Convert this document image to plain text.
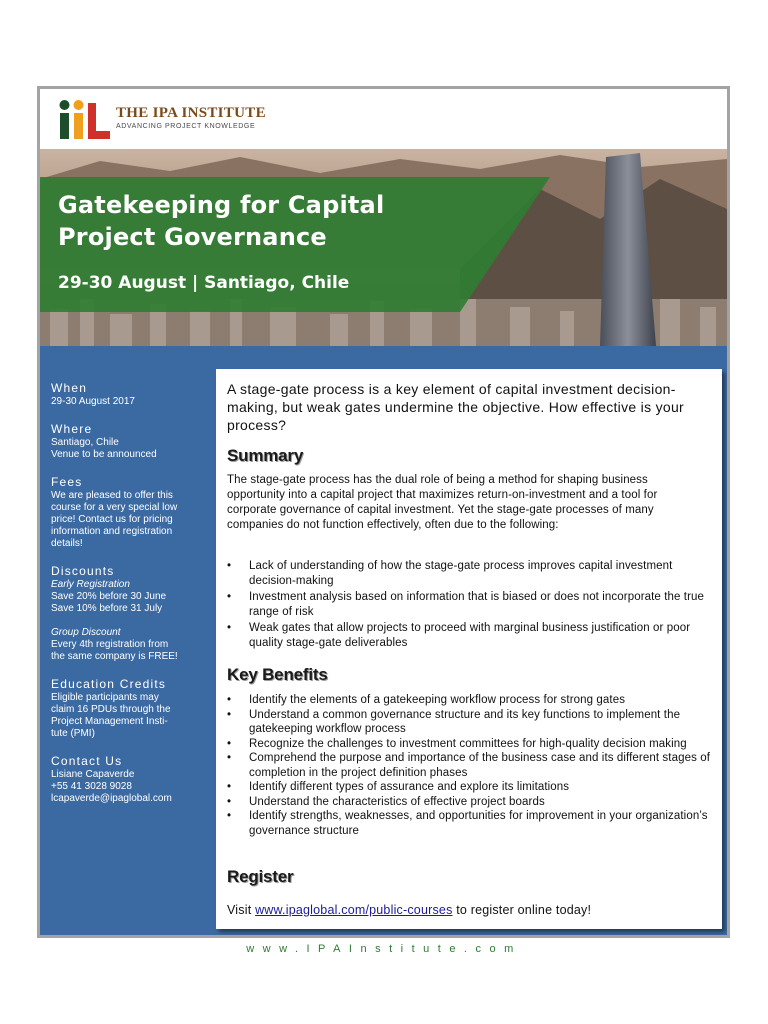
THE IPA INSTITUTE
ADVANCING PROJECT KNOWLEDGE
Gatekeeping for Capital
Project Governance
29-30 August | Santiago, Chile
When
29-30 August 2017
Where
Santiago, Chile
Venue to be announced
Fees
We are pleased to offer this
course for a very special low
price! Contact us for pricing
information and registration
details!
Discounts
Early Registration
Save 20% before 30 June
Save 10% before 31 July
Group Discount
Every 4th registration from
the same company is FREE!
Education Credits
Eligible participants may
claim 16 PDUs through the
Project Management Insti-
tute (PMI)
Contact Us
Lisiane Capaverde
+55 41 3028 9028
lcapaverde@ipaglobal.com
A stage-gate process is a key element of capital investment decision-making, but weak gates undermine the objective. How effective is your process?
Summary
The stage-gate process has the dual role of being a method for shaping business opportunity into a capital project that maximizes return-on-investment and a tool for corporate governance of capital investment. Yet the stage-gate processes of many companies do not function effectively, often due to the following:
• Lack of understanding of how the stage-gate process improves capital investment decision-making
• Investment analysis based on information that is biased or does not incorporate the true range of risk
• Weak gates that allow projects to proceed with marginal business justification or poor quality stage-gate deliverables
Key Benefits
• Identify the elements of a gatekeeping workflow process for strong gates
• Understand a common governance structure and its key functions to implement the gatekeeping workflow process
• Recognize the challenges to investment committees for high-quality decision making
• Comprehend the purpose and importance of the business case and its different stages of completion in the project definition phases
• Identify different types of assurance and explore its limitations
• Understand the characteristics of effective project boards
• Identify strengths, weaknesses, and opportunities for improvement in your organization’s governance structure
Register
Visit www.ipaglobal.com/public-courses to register online today!
www.IPAInstitute.com
